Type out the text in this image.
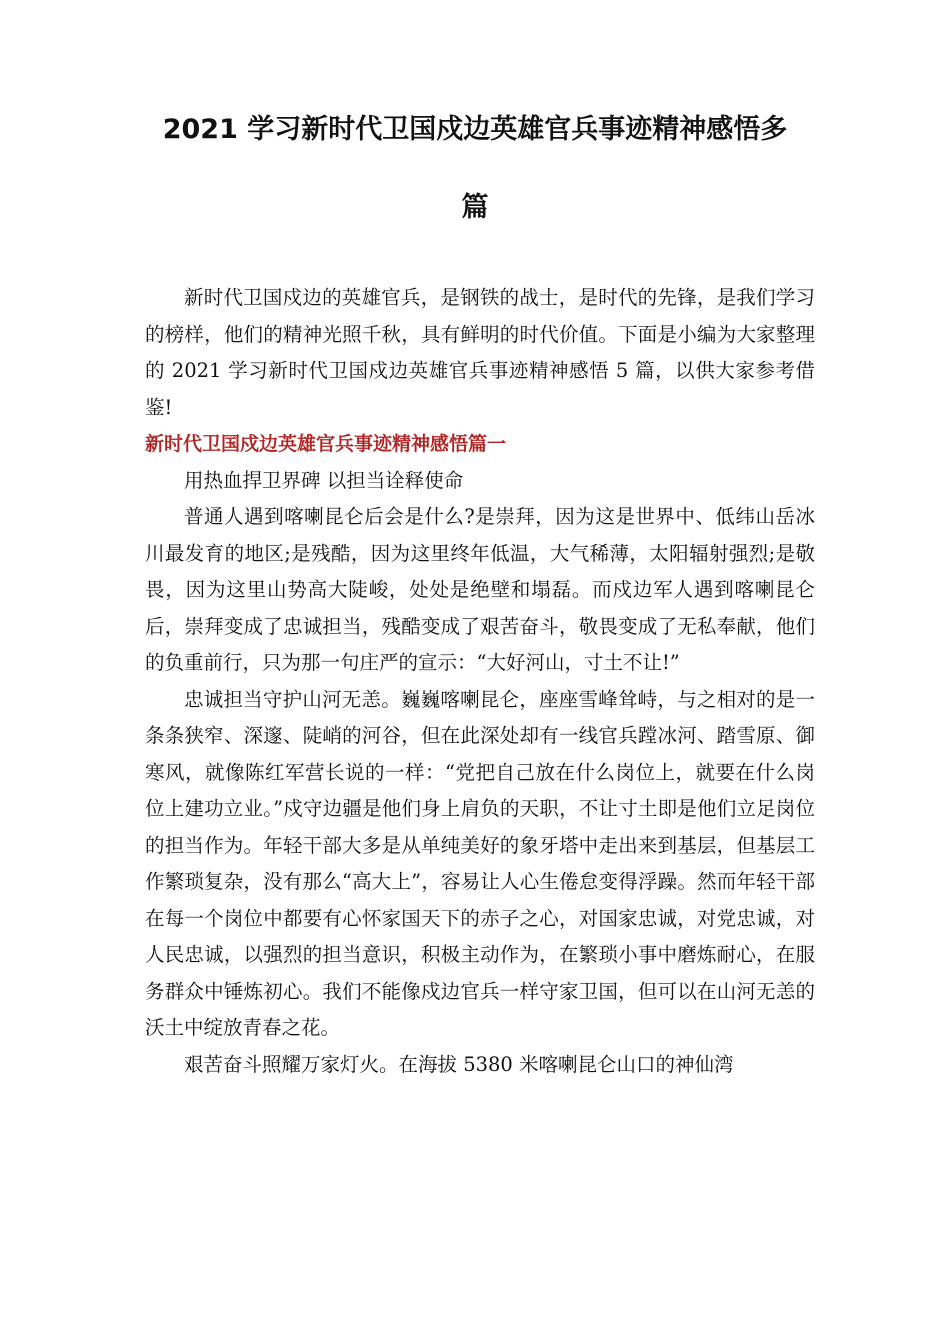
2021 学习新时代卫国戍边英雄官兵事迹精神感悟多
篇

新时代卫国戍边的英雄官兵，是钢铁的战士，是时代的先锋，是我们学习的榜样，他们的精神光照千秋，具有鲜明的时代价值。下面是小编为大家整理的 2021 学习新时代卫国戍边英雄官兵事迹精神感悟 5 篇，以供大家参考借鉴!

新时代卫国戍边英雄官兵事迹精神感悟篇一

用热血捍卫界碑 以担当诠释使命

普通人遇到喀喇昆仑后会是什么?是崇拜，因为这是世界中、低纬山岳冰川最发育的地区;是残酷，因为这里终年低温，大气稀薄，太阳辐射强烈;是敬畏，因为这里山势高大陡峻，处处是绝壁和塌磊。而戍边军人遇到喀喇昆仑后，崇拜变成了忠诚担当，残酷变成了艰苦奋斗，敬畏变成了无私奉献，他们的负重前行，只为那一句庄严的宣示：“大好河山，寸土不让!”

忠诚担当守护山河无恙。巍巍喀喇昆仑，座座雪峰耸峙，与之相对的是一条条狭窄、深邃、陡峭的河谷，但在此深处却有一线官兵蹚冰河、踏雪原、御寒风，就像陈红军营长说的一样：“党把自己放在什么岗位上，就要在什么岗位上建功立业。”戍守边疆是他们身上肩负的天职，不让寸土即是他们立足岗位的担当作为。年轻干部大多是从单纯美好的象牙塔中走出来到基层，但基层工作繁琐复杂，没有那么“高大上”，容易让人心生倦怠变得浮躁。然而年轻干部在每一个岗位中都要有心怀家国天下的赤子之心，对国家忠诚，对党忠诚，对人民忠诚，以强烈的担当意识，积极主动作为，在繁琐小事中磨炼耐心，在服务群众中锤炼初心。我们不能像戍边官兵一样守家卫国，但可以在山河无恙的沃土中绽放青春之花。

艰苦奋斗照耀万家灯火。在海拔 5380 米喀喇昆仑山口的神仙湾
